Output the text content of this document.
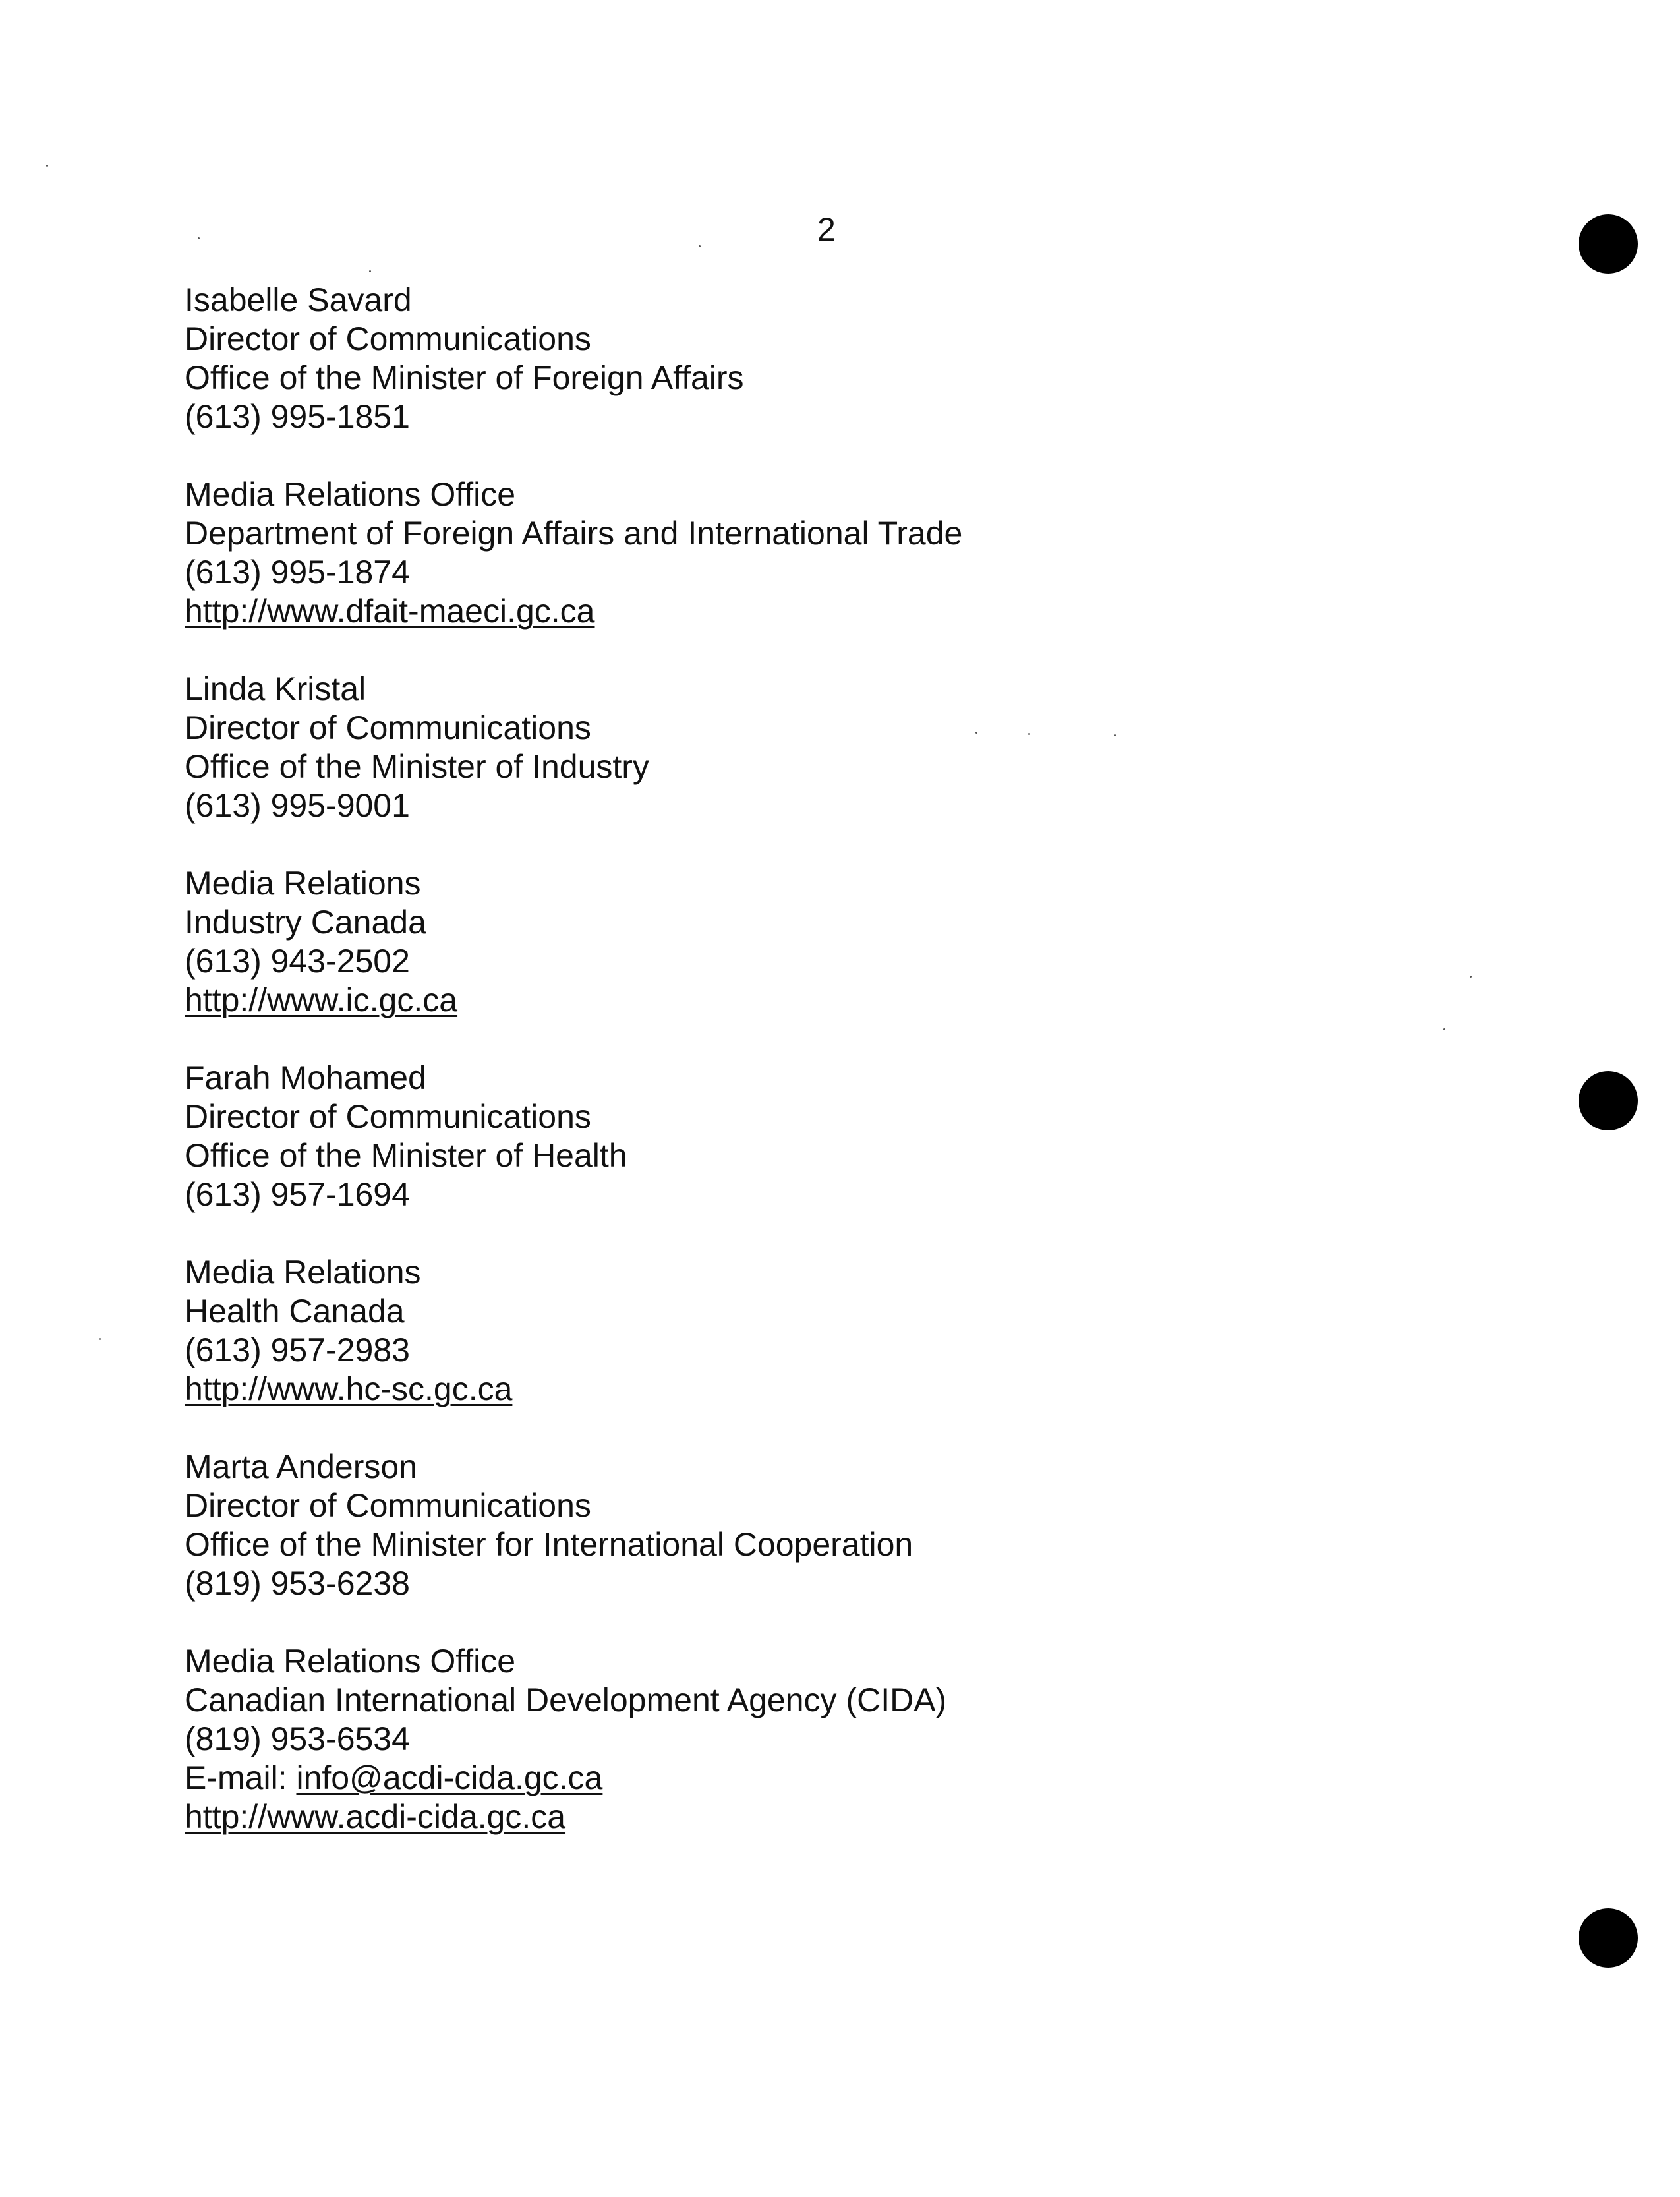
2
Isabelle Savard
Director of Communications
Office of the Minister of Foreign Affairs
(613) 995-1851
Media Relations Office
Department of Foreign Affairs and International Trade
(613) 995-1874
http://www.dfait-maeci.gc.ca
Linda Kristal
Director of Communications
Office of the Minister of Industry
(613) 995-9001
Media Relations
Industry Canada
(613) 943-2502
http://www.ic.gc.ca
Farah Mohamed
Director of Communications
Office of the Minister of Health
(613) 957-1694
Media Relations
Health Canada
(613) 957-2983
http://www.hc-sc.gc.ca
Marta Anderson
Director of Communications
Office of the Minister for International Cooperation
(819) 953-6238
Media Relations Office
Canadian International Development Agency (CIDA)
(819) 953-6534
E-mail: info@acdi-cida.gc.ca
http://www.acdi-cida.gc.ca
